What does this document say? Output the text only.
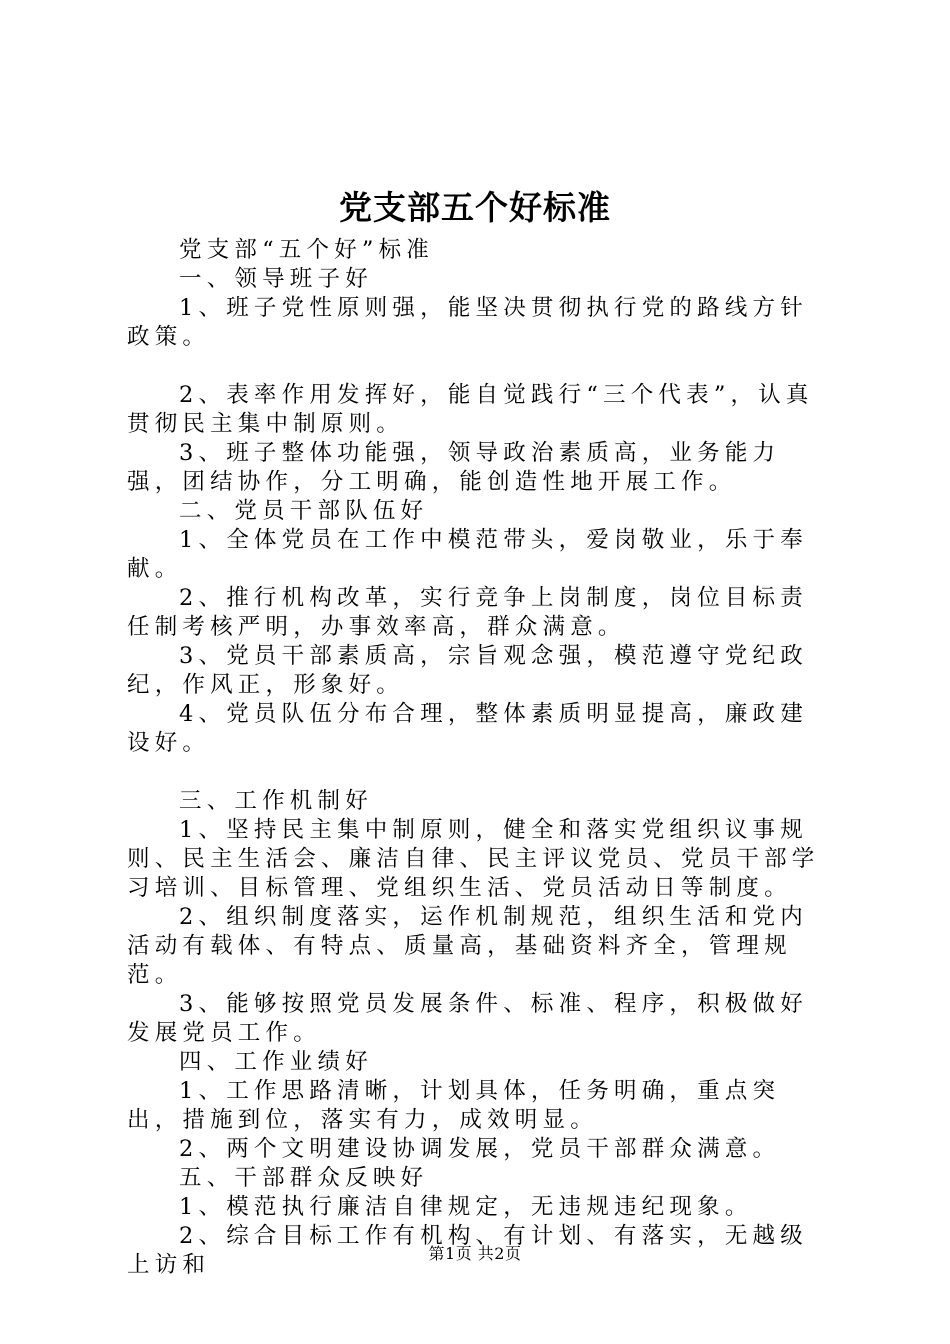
党支部五个好标准

党支部“五个好”标准

一、领导班子好

1、班子党性原则强，能坚决贯彻执行党的路线方针政策。

2、表率作用发挥好，能自觉践行“三个代表”，认真贯彻民主集中制原则。

3、班子整体功能强，领导政治素质高，业务能力强，团结协作，分工明确，能创造性地开展工作。

二、党员干部队伍好

1、全体党员在工作中模范带头，爱岗敬业，乐于奉献。

2、推行机构改革，实行竞争上岗制度，岗位目标责任制考核严明，办事效率高，群众满意。

3、党员干部素质高，宗旨观念强，模范遵守党纪政纪，作风正，形象好。

4、党员队伍分布合理，整体素质明显提高，廉政建设好。

三、工作机制好

1、坚持民主集中制原则，健全和落实党组织议事规则、民主生活会、廉洁自律、民主评议党员、党员干部学习培训、目标管理、党组织生活、党员活动日等制度。

2、组织制度落实，运作机制规范，组织生活和党内活动有载体、有特点、质量高，基础资料齐全，管理规范。

3、能够按照党员发展条件、标准、程序，积极做好发展党员工作。

四、工作业绩好

1、工作思路清晰，计划具体，任务明确，重点突出，措施到位，落实有力，成效明显。

2、两个文明建设协调发展，党员干部群众满意。

五、干部群众反映好

1、模范执行廉洁自律规定，无违规违纪现象。

2、综合目标工作有机构、有计划、有落实，无越级上访和	第1页 共2页
